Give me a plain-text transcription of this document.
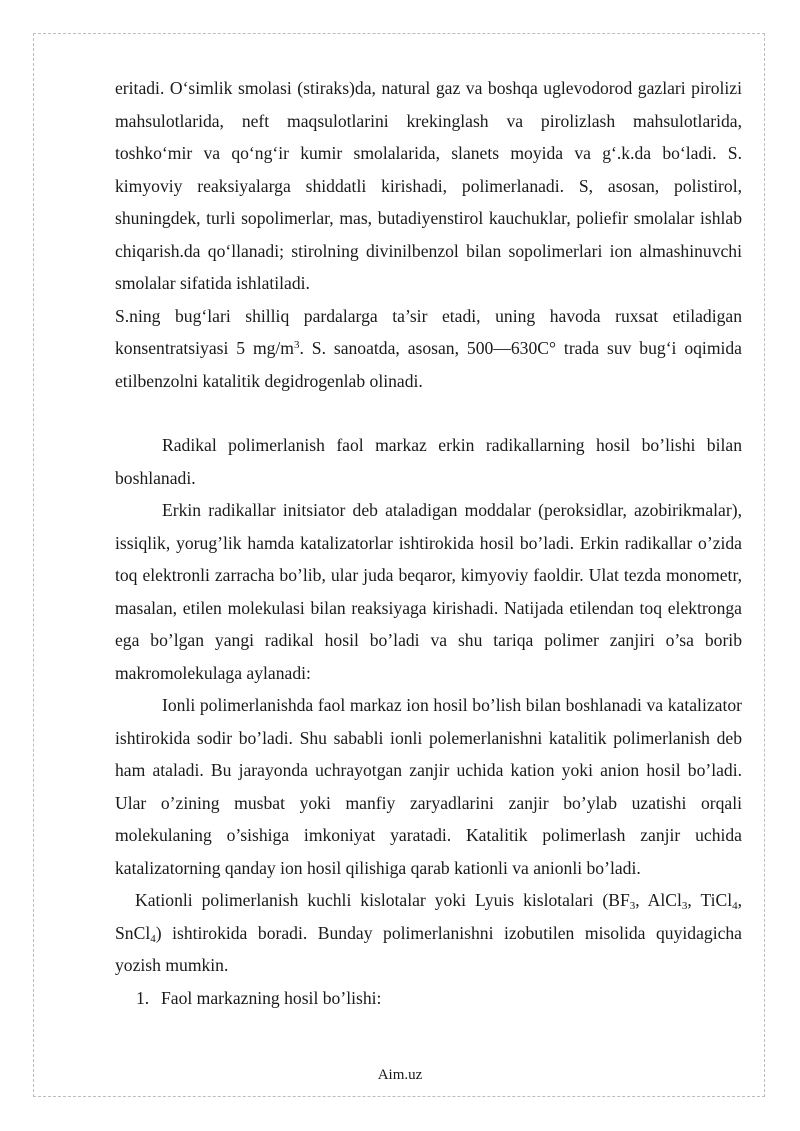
eritadi. O‘simlik smolasi (stiraks)da, natural gaz va boshqa uglevodorod gazlari pirolizi mahsulotlarida, neft maqsulotlarini krekinglash va pirolizlash mahsulotlarida, toshko‘mir va qo‘ng‘ir kumir smolalarida, slanets moyida va g‘.k.da bo‘ladi. S. kimyoviy reaksiyalarga shiddatli kirishadi, polimerlanadi. S, asosan, polistirol, shuningdek, turli sopolimerlar, mas, butadiyenstirol kauchuklar, poliefir smolalar ishlab chiqarish.da qo‘llanadi; stirolning divinilbenzol bilan sopolimerlari ion almashinuvchi smolalar sifatida ishlatiladi.

S.ning bug‘lari shilliq pardalarga ta’sir etadi, uning havoda ruxsat etiladigan konsentratsiyasi 5 $mg/m^3$. S. sanoatda, asosan, 500—630C° trada suv bug‘i oqimida etilbenzolni katalitik degidrogenlab olinadi.

Radikal polimerlanish faol markaz erkin radikallarning hosil bo’lishi bilan boshlanadi.

Erkin radikallar initsiator deb ataladigan moddalar (peroksidlar, azobirikmalar), issiqlik, yorug’lik hamda katalizatorlar ishtirokida hosil bo’ladi. Erkin radikallar o’zida toq elektronli zarracha bo’lib, ular juda beqaror, kimyoviy faoldir. Ulat tezda monometr, masalan, etilen molekulasi bilan reaksiyaga kirishadi. Natijada etilendan toq elektronga ega bo’lgan yangi radikal hosil bo’ladi va shu tariqa polimer zanjiri o’sa borib makromolekulaga aylanadi:

Ionli polimerlanishda faol markaz ion hosil bo’lish bilan boshlanadi va katalizator ishtirokida sodir bo’ladi. Shu sababli ionli polemerlanishni katalitik polimerlanish deb ham ataladi. Bu jarayonda uchrayotgan zanjir uchida kation yoki anion hosil bo’ladi. Ular o’zining musbat yoki manfiy zaryadlarini zanjir bo’ylab uzatishi orqali molekulaning o’sishiga imkoniyat yaratadi. Katalitik polimerlash zanjir uchida katalizatorning qanday ion hosil qilishiga qarab kationli va anionli bo’ladi.

Kationli polimerlanish kuchli kislotalar yoki Lyuis kislotalari ($BF_3$, AlCl$_3$, TiCl$_4$, SnCl$_4$) ishtirokida boradi. Bunday polimerlanishni izobutilen misolida quyidagicha yozish mumkin.

1. Faol markazning hosil bo’lishi:

Aim.uz
